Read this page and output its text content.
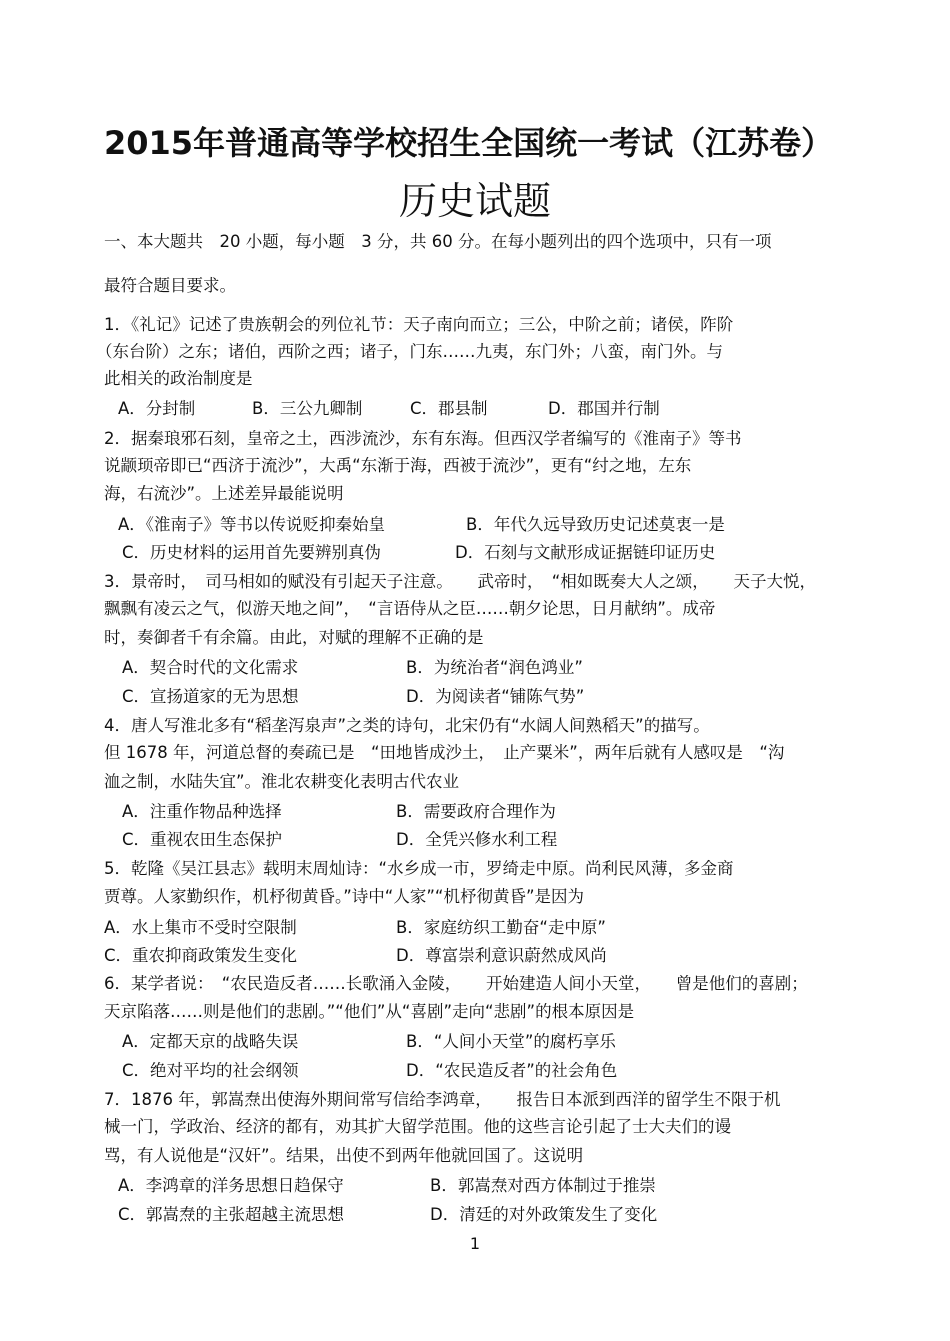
2015年普通高等学校招生全国统一考试（江苏卷）
历史试题
一、本大题共　20 小题，每小题　3 分，共 60 分。在每小题列出的四个选项中，只有一项
最符合题目要求。
1．《礼记》记述了贵族朝会的列位礼节：天子南向而立；三公，中阶之前；诸侯，阼阶
（东台阶）之东；诸伯，西阶之西；诸子，门东……九夷，东门外；八蛮，南门外。与
此相关的政治制度是
A．分封制	B．三公九卿制	C．郡县制	D．郡国并行制
2．据秦琅邪石刻，皇帝之土，西涉流沙，东有东海。但西汉学者编写的《淮南子》等书
说颛顼帝即已“西济于流沙”，大禹“东渐于海，西被于流沙”，更有“纣之地，左东
海，右流沙”。上述差异最能说明
A．《淮南子》等书以传说贬抑秦始皇	B．年代久远导致历史记述莫衷一是
C．历史材料的运用首先要辨别真伪	D．石刻与文献形成证据链印证历史
3．景帝时，　司马相如的赋没有引起天子注意。　　武帝时，　“相如既奏大人之颂，　　天子大悦，
飘飘有凌云之气，似游天地之间”，　“言语侍从之臣……朝夕论思，日月献纳”。成帝
时，奏御者千有余篇。由此，对赋的理解不正确的是
A．契合时代的文化需求	B．为统治者“润色鸿业”
C．宣扬道家的无为思想	D．为阅读者“铺陈气势”
4．唐人写淮北多有“稻垄泻泉声”之类的诗句，北宋仍有“水阔人间熟稻天”的描写。
但 1678 年，河道总督的奏疏已是　“田地皆成沙土，　止产粟米”，两年后就有人感叹是　“沟
洫之制，水陆失宜”。淮北农耕变化表明古代农业
A．注重作物品种选择	B．需要政府合理作为
C．重视农田生态保护	D．全凭兴修水利工程
5．乾隆《吴江县志》载明末周灿诗：“水乡成一市，罗绮走中原。尚利民风薄，多金商
贾尊。人家勤织作，机杼彻黄昏。”诗中“人家”“机杼彻黄昏”是因为
A．水上集市不受时空限制	B．家庭纺织工勤奋“走中原”
C．重农抑商政策发生变化	D．尊富崇利意识蔚然成风尚
6．某学者说：　“农民造反者……长歌涌入金陵，　　开始建造人间小天堂，　　曾是他们的喜剧；
天京陷落……则是他们的悲剧。”“他们”从“喜剧”走向“悲剧”的根本原因是
A．定都天京的战略失误	B．“人间小天堂”的腐朽享乐
C．绝对平均的社会纲领	D．“农民造反者”的社会角色
7．1876 年，郭嵩焘出使海外期间常写信给李鸿章，　　报告日本派到西洋的留学生不限于机
械一门，学政治、经济的都有，劝其扩大留学范围。他的这些言论引起了士大夫们的谩
骂，有人说他是“汉奸”。结果，出使不到两年他就回国了。这说明
A．李鸿章的洋务思想日趋保守	B．郭嵩焘对西方体制过于推崇
C．郭嵩焘的主张超越主流思想	D．清廷的对外政策发生了变化
1
